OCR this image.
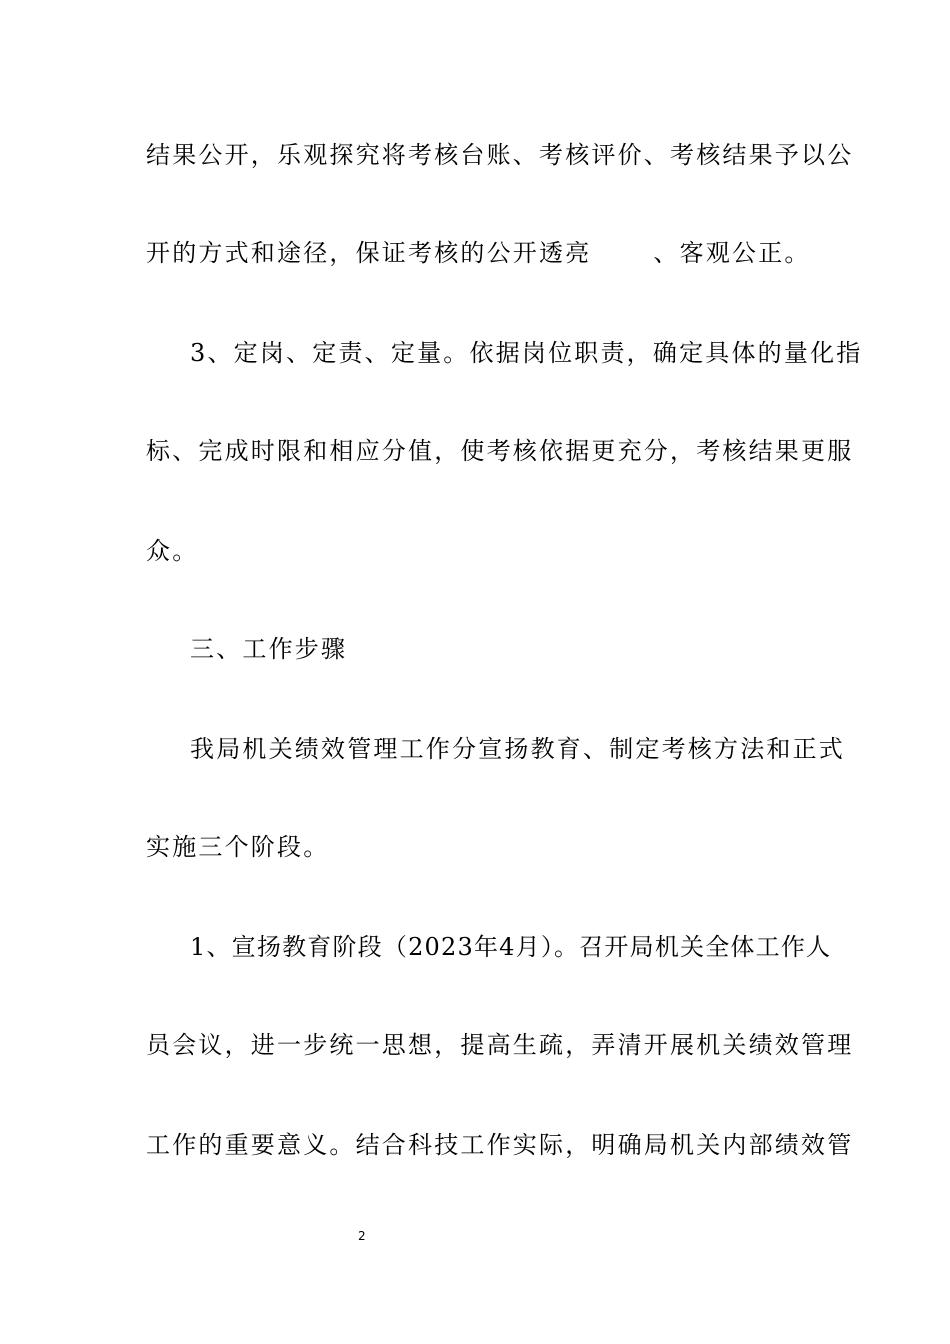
结果公开，乐观探究将考核台账、考核评价、考核结果予以公
开的方式和途径，保证考核的公开透亮	、客观公正。
3、定岗、定责、定量。依据岗位职责，确定具体的量化指
标、完成时限和相应分值，使考核依据更充分，考核结果更服
众。
三、工作步骤
我局机关绩效管理工作分宣扬教育、制定考核方法和正式
实施三个阶段。
1、宣扬教育阶段（2023年4月）。召开局机关全体工作人
员会议，进一步统一思想，提高生疏，弄清开展机关绩效管理
工作的重要意义。结合科技工作实际，明确局机关内部绩效管
2
